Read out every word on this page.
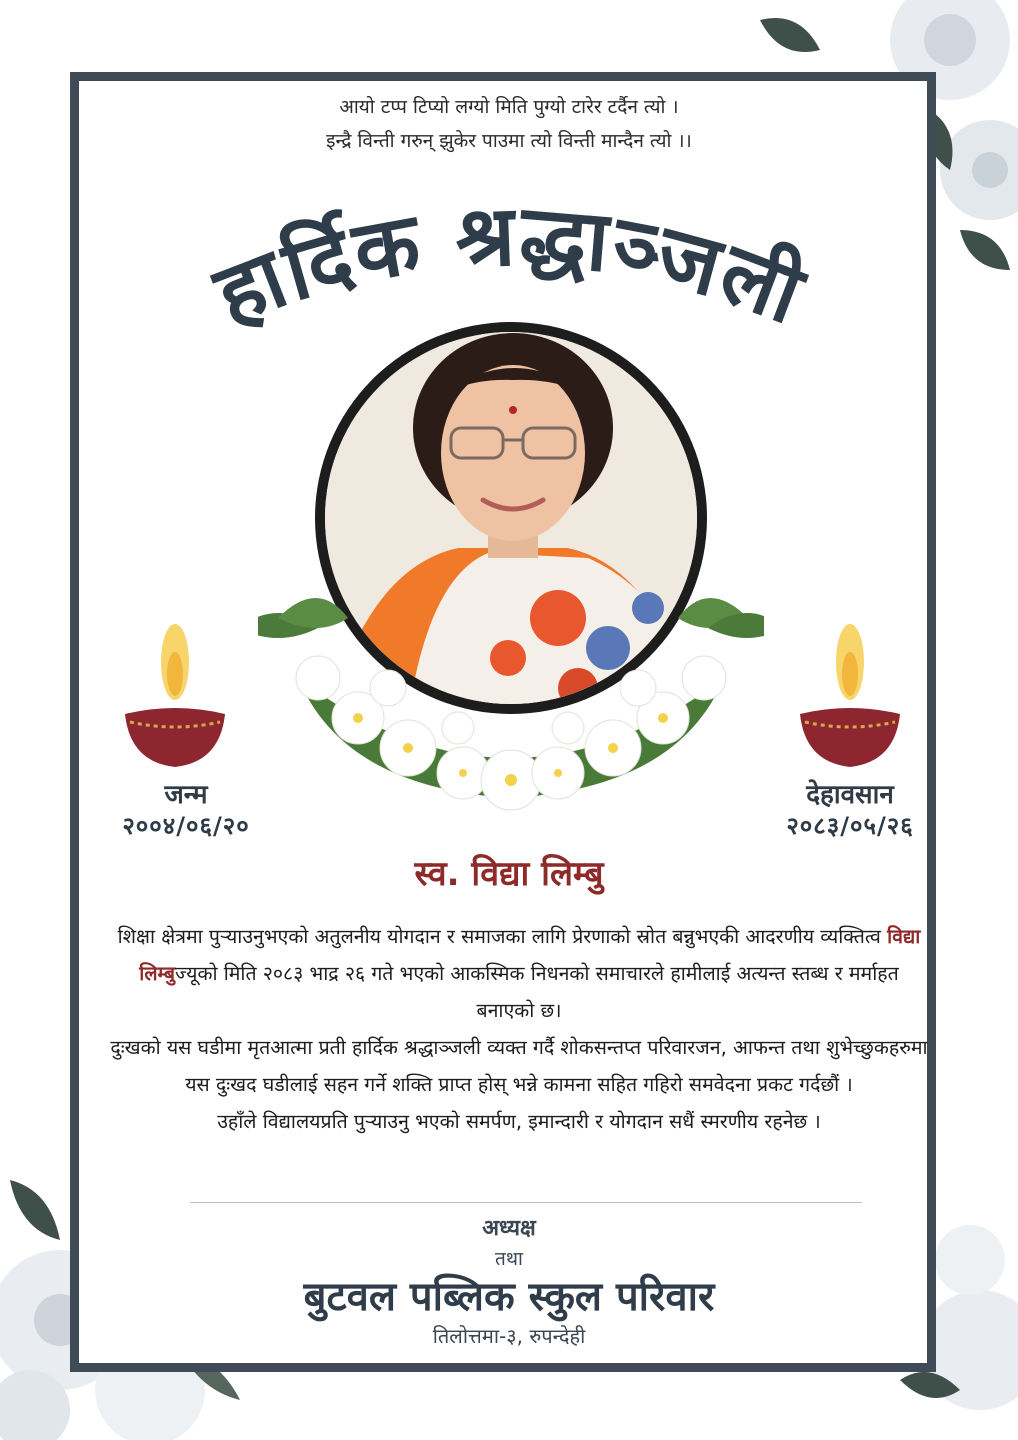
आयो टप्प टिप्यो लग्यो मिति पुग्यो टारेर टर्दैन त्यो ।
इन्द्रै विन्ती गरुन् झुकेर पाउमा त्यो विन्ती मान्दैन त्यो ।।
हार्दिक श्रद्धाञ्जली
जन्म
२००४/०६/२०
देहावसान
२०८३/०५/२६
स्व. विद्या लिम्बु

शिक्षा क्षेत्रमा पुर्‍याउनुभएको अतुलनीय योगदान र समाजका लागि प्रेरणाको स्रोत बन्नुभएकी आदरणीय व्यक्तित्व विद्या लिम्बुज्यूको मिति २०८३ भाद्र २६ गते भएको आकस्मिक निधनको समाचारले हामीलाई अत्यन्त स्तब्ध र मर्माहत बनाएको छ।

दुःखको यस घडीमा मृतआत्मा प्रती हार्दिक श्रद्धाञ्जली व्यक्त गर्दै शोकसन्तप्त परिवारजन, आफन्त तथा शुभेच्छुकहरुमा यस दुःखद घडीलाई सहन गर्ने शक्ति प्राप्त होस् भन्ने कामना सहित गहिरो समवेदना प्रकट गर्दछौं ।

उहाँले विद्यालयप्रति पुर्‍याउनु भएको समर्पण, इमान्दारी र योगदान सधैं स्मरणीय रहनेछ ।

अध्यक्ष
तथा
बुटवल पब्लिक स्कुल परिवार
तिलोत्तमा-३, रुपन्देही
